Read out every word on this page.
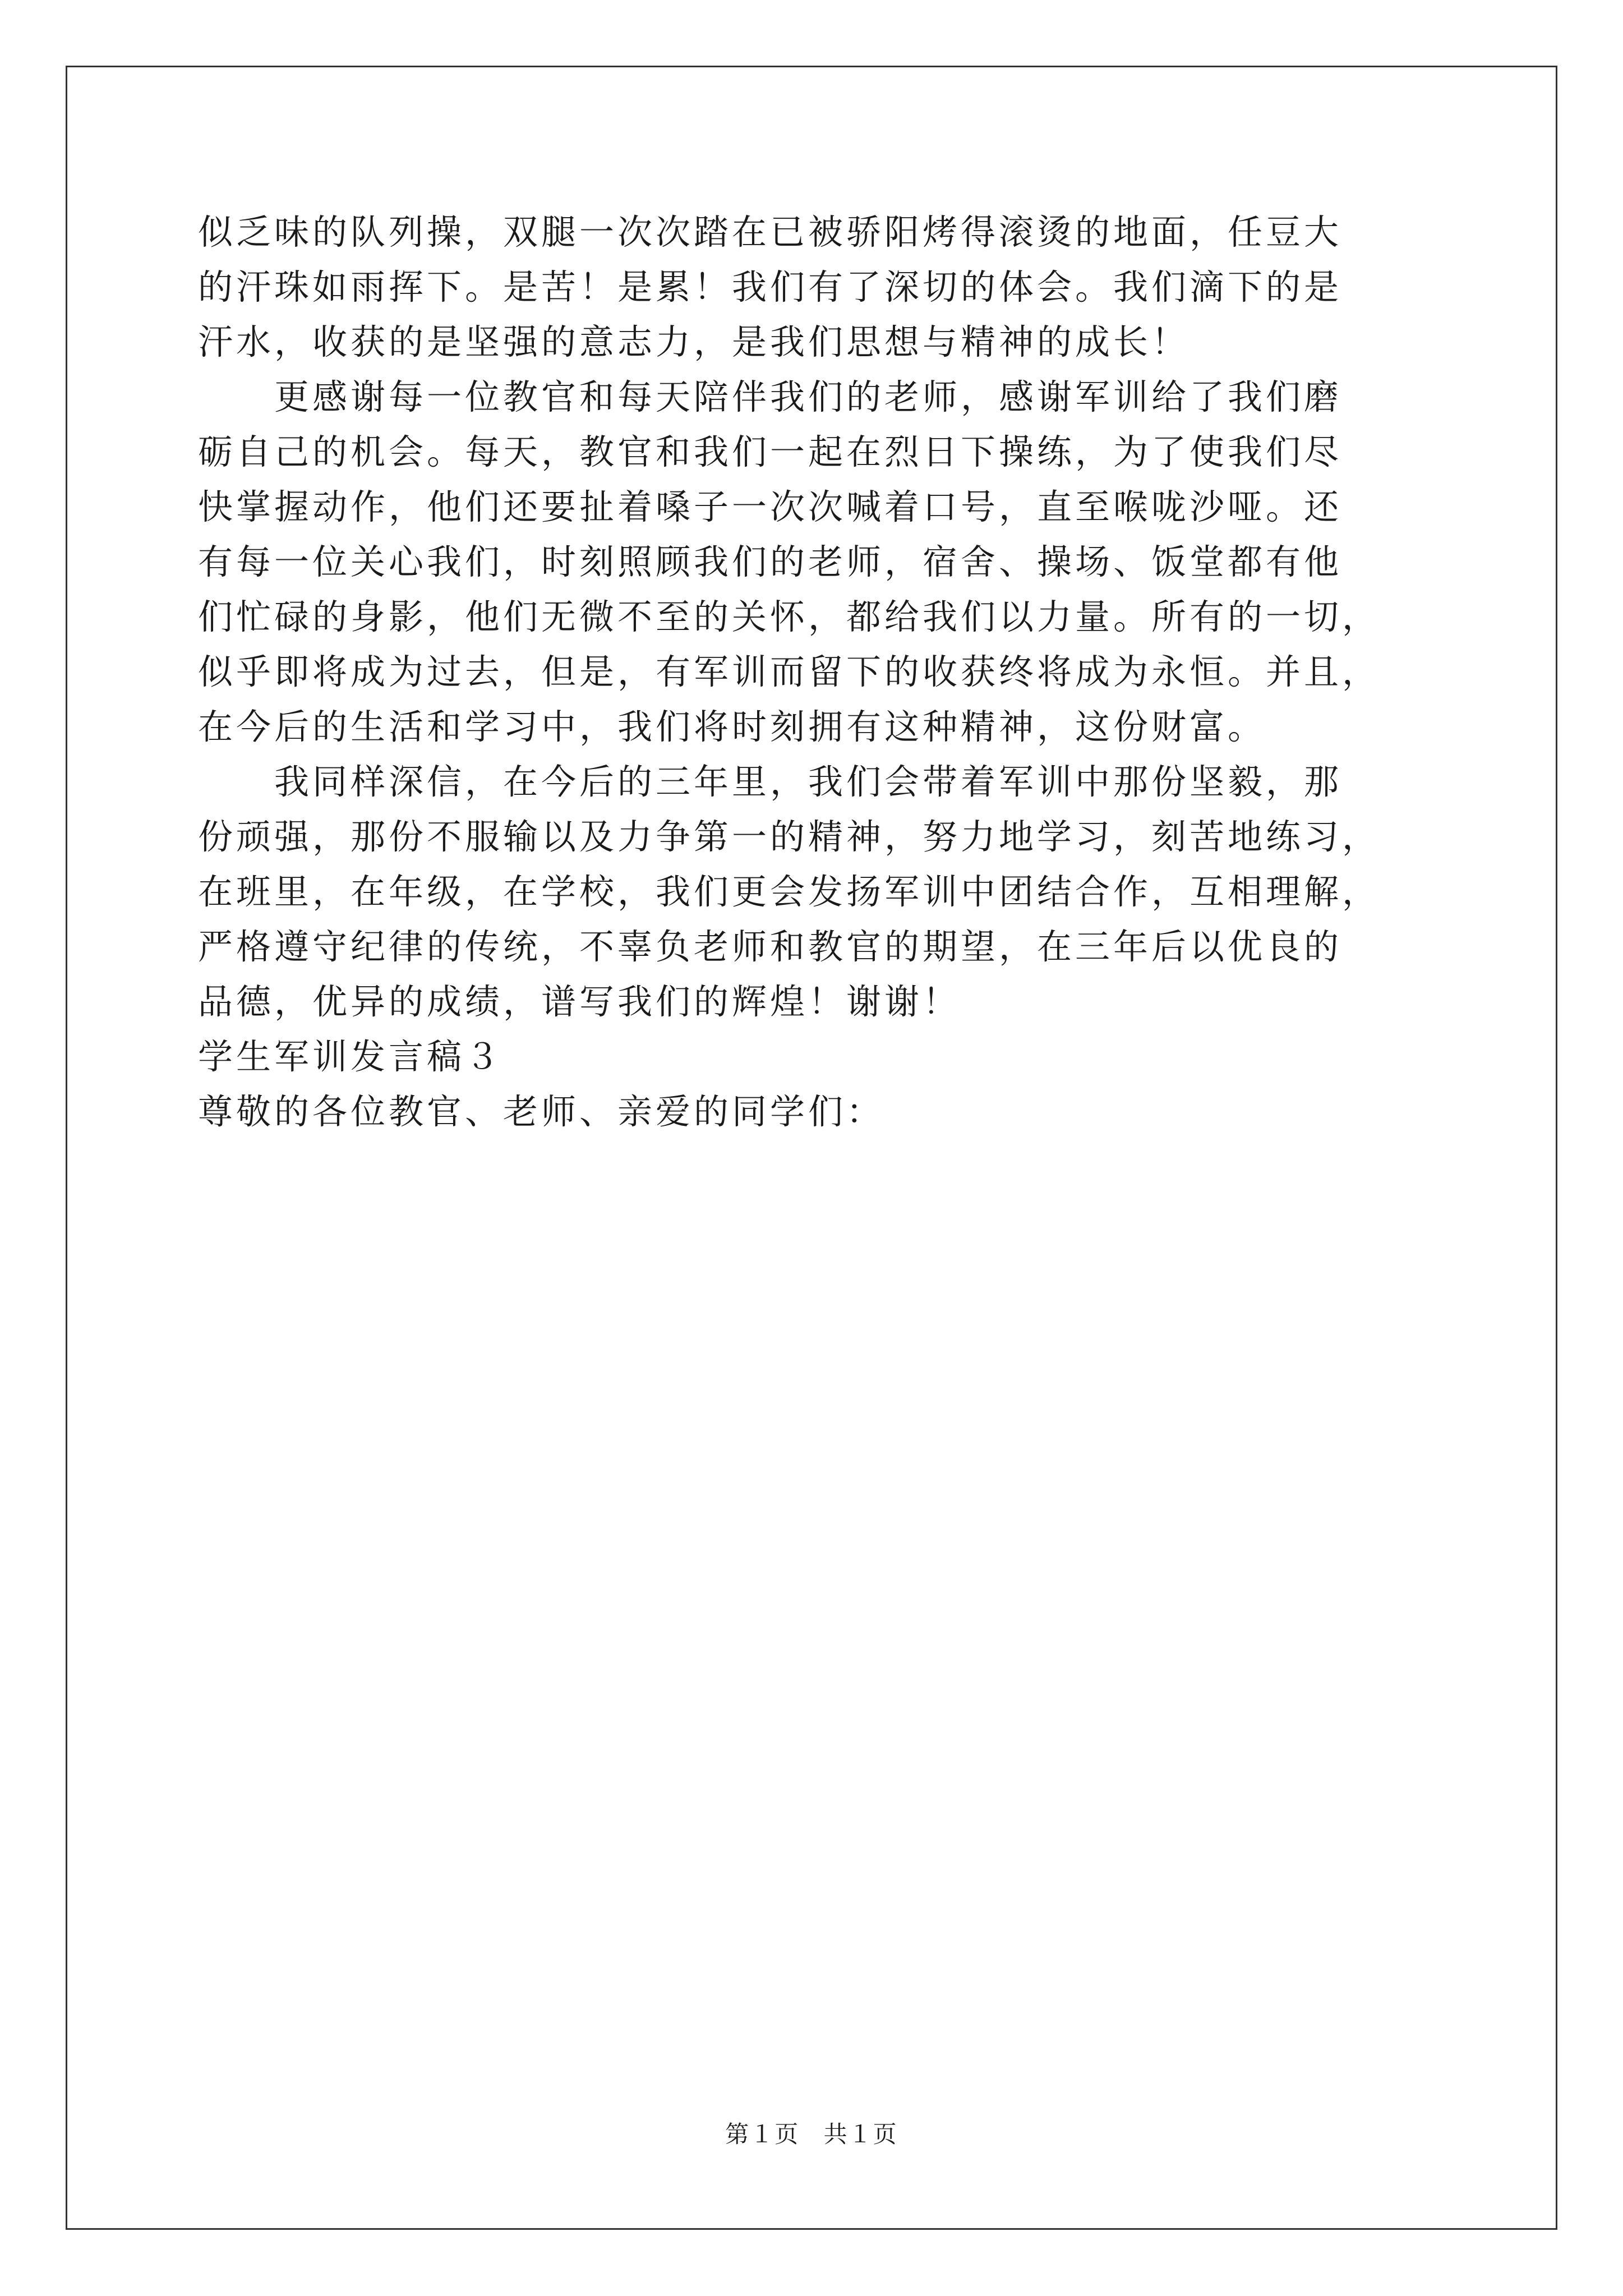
似乏味的队列操，双腿一次次踏在已被骄阳烤得滚烫的地面，任豆大
的汗珠如雨挥下。是苦！是累！我们有了深切的体会。我们滴下的是
汗水，收获的是坚强的意志力，是我们思想与精神的成长！
　　更感谢每一位教官和每天陪伴我们的老师，感谢军训给了我们磨
砺自己的机会。每天，教官和我们一起在烈日下操练，为了使我们尽
快掌握动作，他们还要扯着嗓子一次次喊着口号，直至喉咙沙哑。还
有每一位关心我们，时刻照顾我们的老师，宿舍、操场、饭堂都有他
们忙碌的身影，他们无微不至的关怀，都给我们以力量。所有的一切，
似乎即将成为过去，但是，有军训而留下的收获终将成为永恒。并且，
在今后的生活和学习中，我们将时刻拥有这种精神，这份财富。
　　我同样深信，在今后的三年里，我们会带着军训中那份坚毅，那
份顽强，那份不服输以及力争第一的精神，努力地学习，刻苦地练习，
在班里，在年级，在学校，我们更会发扬军训中团结合作，互相理解，
严格遵守纪律的传统，不辜负老师和教官的期望，在三年后以优良的
品德，优异的成绩，谱写我们的辉煌！谢谢！

学生军训发言稿３

尊敬的各位教官、老师、亲爱的同学们：

第１页 共１页
